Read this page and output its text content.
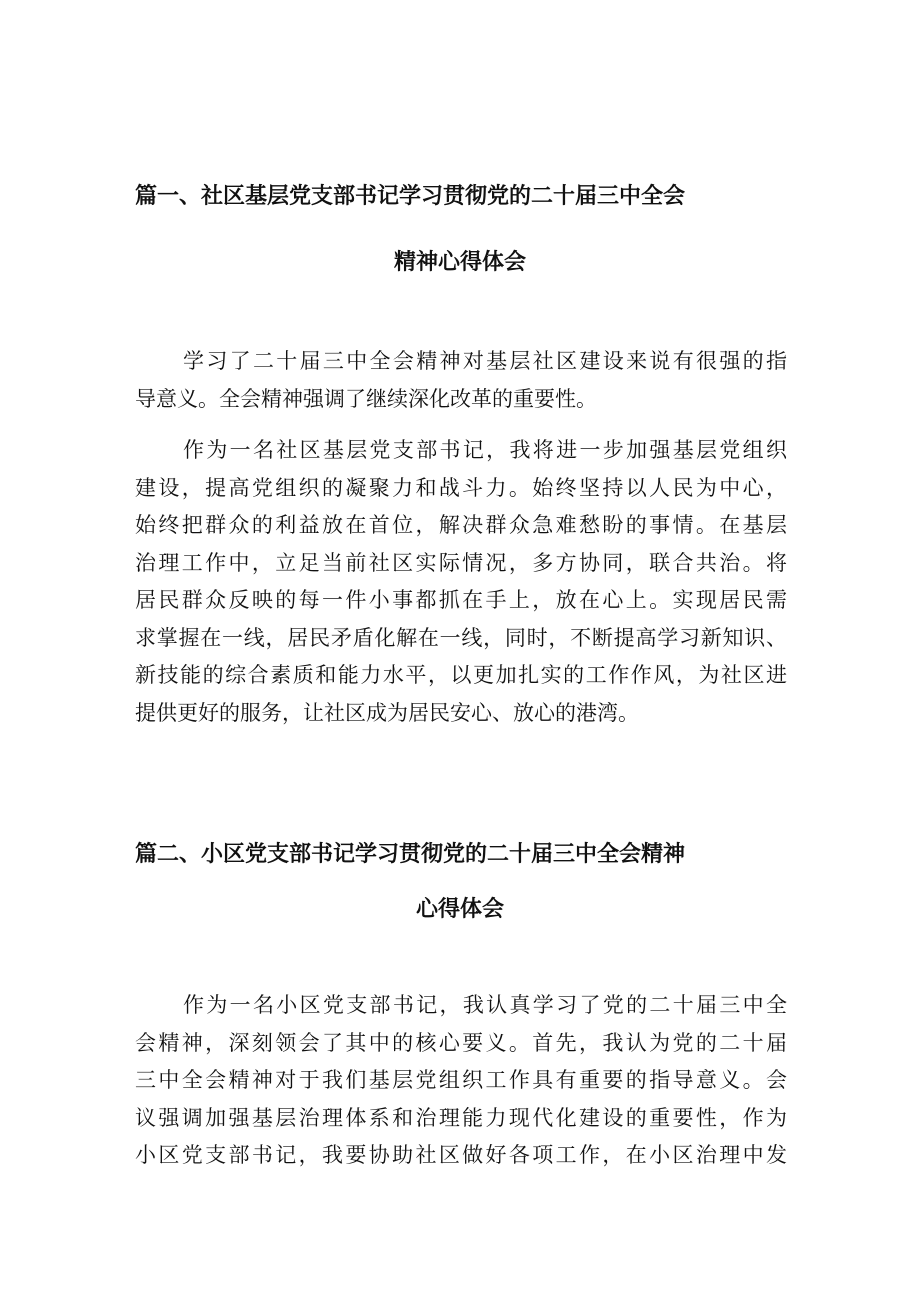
篇一、社区基层党支部书记学习贯彻党的二十届三中全会
精神心得体会
学习了二十届三中全会精神对基层社区建设来说有很强的指
导意义。全会精神强调了继续深化改革的重要性。
作为一名社区基层党支部书记，我将进一步加强基层党组织
建设，提高党组织的凝聚力和战斗力。始终坚持以人民为中心，
始终把群众的利益放在首位，解决群众急难愁盼的事情。在基层
治理工作中，立足当前社区实际情况，多方协同，联合共治。将
居民群众反映的每一件小事都抓在手上，放在心上。实现居民需
求掌握在一线，居民矛盾化解在一线，同时，不断提高学习新知识、
新技能的综合素质和能力水平，以更加扎实的工作作风，为社区进
提供更好的服务，让社区成为居民安心、放心的港湾。
篇二、小区党支部书记学习贯彻党的二十届三中全会精神
心得体会
作为一名小区党支部书记，我认真学习了党的二十届三中全
会精神，深刻领会了其中的核心要义。首先，我认为党的二十届
三中全会精神对于我们基层党组织工作具有重要的指导意义。会
议强调加强基层治理体系和治理能力现代化建设的重要性，作为
小区党支部书记，我要协助社区做好各项工作，在小区治理中发
